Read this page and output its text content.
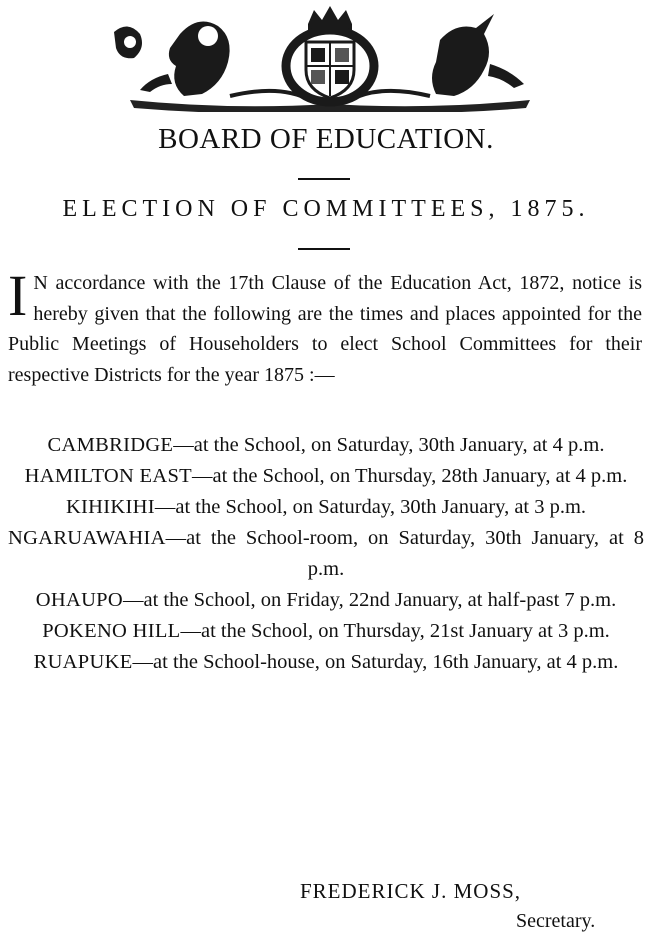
BOARD OF EDUCATION.
ELECTION OF COMMITTEES, 1875.

I N accordance with the 17th Clause of the Education Act, 1872, notice is hereby given that the following are the times and places appointed for the Public Meetings of Householders to elect School Committees for their respective Districts for the year 1875 :—

CAMBRIDGE—at the School, on Saturday, 30th January, at 4 p.m.
HAMILTON EAST—at the School, on Thursday, 28th January, at 4 p.m.
KIHIKIHI—at the School, on Saturday, 30th January, at 3 p.m.
NGARUAWAHIA—at the School-room, on Saturday, 30th January, at 8 p.m.
OHAUPO—at the School, on Friday, 22nd January, at half-past 7 p.m.
POKENO HILL—at the School, on Thursday, 21st January at 3 p.m.
RUAPUKE—at the School-house, on Saturday, 16th January, at 4 p.m.
FREDERICK J. MOSS,
Secretary.
